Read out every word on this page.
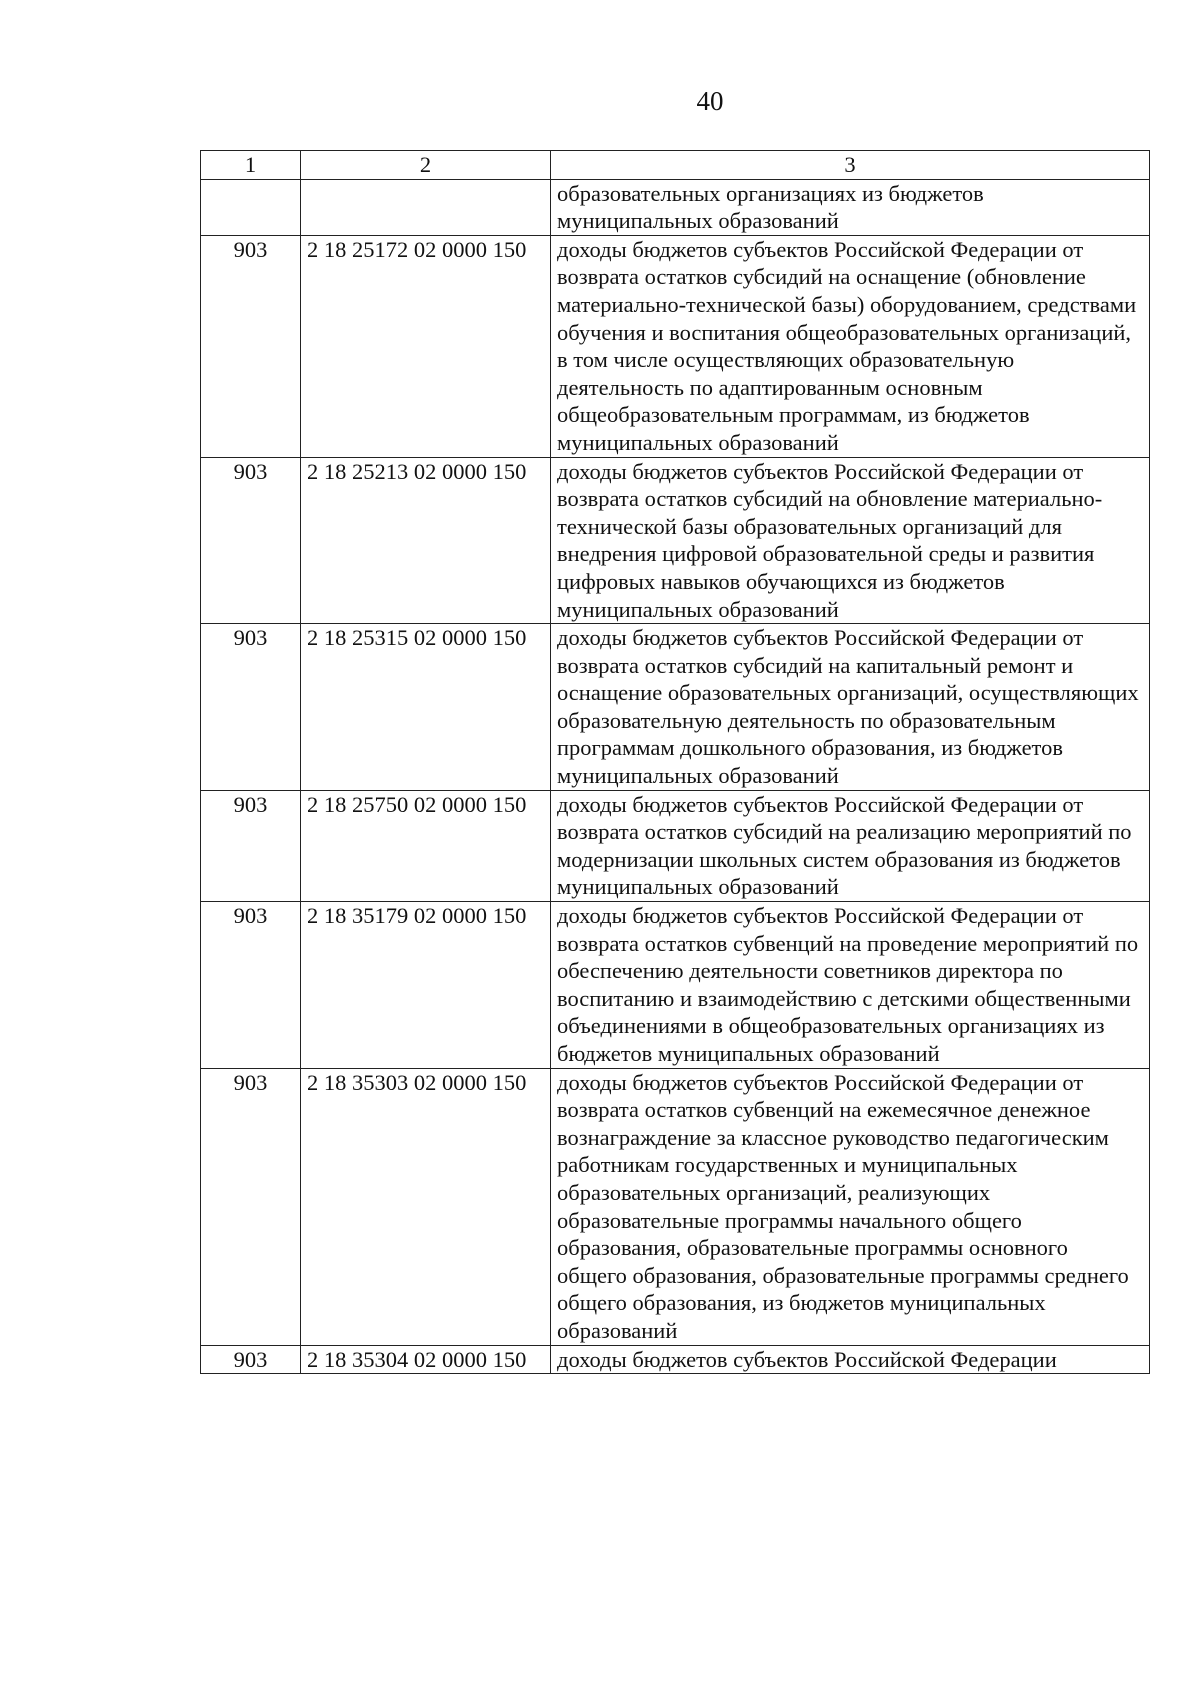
40
1	2	3
		образовательных организациях из бюджетов муниципальных образований
903	2 18 25172 02 0000 150	доходы бюджетов субъектов Российской Федерации от возврата остатков субсидий на оснащение (обновление материально-технической базы) оборудованием, средствами обучения и воспитания общеобразовательных организаций, в том числе осуществляющих образовательную деятельность по адаптированным основным общеобразовательным программам, из бюджетов муниципальных образований
903	2 18 25213 02 0000 150	доходы бюджетов субъектов Российской Федерации от возврата остатков субсидий на обновление материально-технической базы образовательных организаций для внедрения цифровой образовательной среды и развития цифровых навыков обучающихся из бюджетов муниципальных образований
903	2 18 25315 02 0000 150	доходы бюджетов субъектов Российской Федерации от возврата остатков субсидий на капитальный ремонт и оснащение образовательных организаций, осуществляющих образовательную деятельность по образовательным программам дошкольного образования, из бюджетов муниципальных образований
903	2 18 25750 02 0000 150	доходы бюджетов субъектов Российской Федерации от возврата остатков субсидий на реализацию мероприятий по модернизации школьных систем образования из бюджетов муниципальных образований
903	2 18 35179 02 0000 150	доходы бюджетов субъектов Российской Федерации от возврата остатков субвенций на проведение мероприятий по обеспечению деятельности советников директора по воспитанию и взаимодействию с детскими общественными объединениями в общеобразовательных организациях из бюджетов муниципальных образований
903	2 18 35303 02 0000 150	доходы бюджетов субъектов Российской Федерации от возврата остатков субвенций на ежемесячное денежное вознаграждение за классное руководство педагогическим работникам государственных и муниципальных образовательных организаций, реализующих образовательные программы начального общего образования, образовательные программы основного общего образования, образовательные программы среднего общего образования, из бюджетов муниципальных образований
903	2 18 35304 02 0000 150	доходы бюджетов субъектов Российской Федерации
